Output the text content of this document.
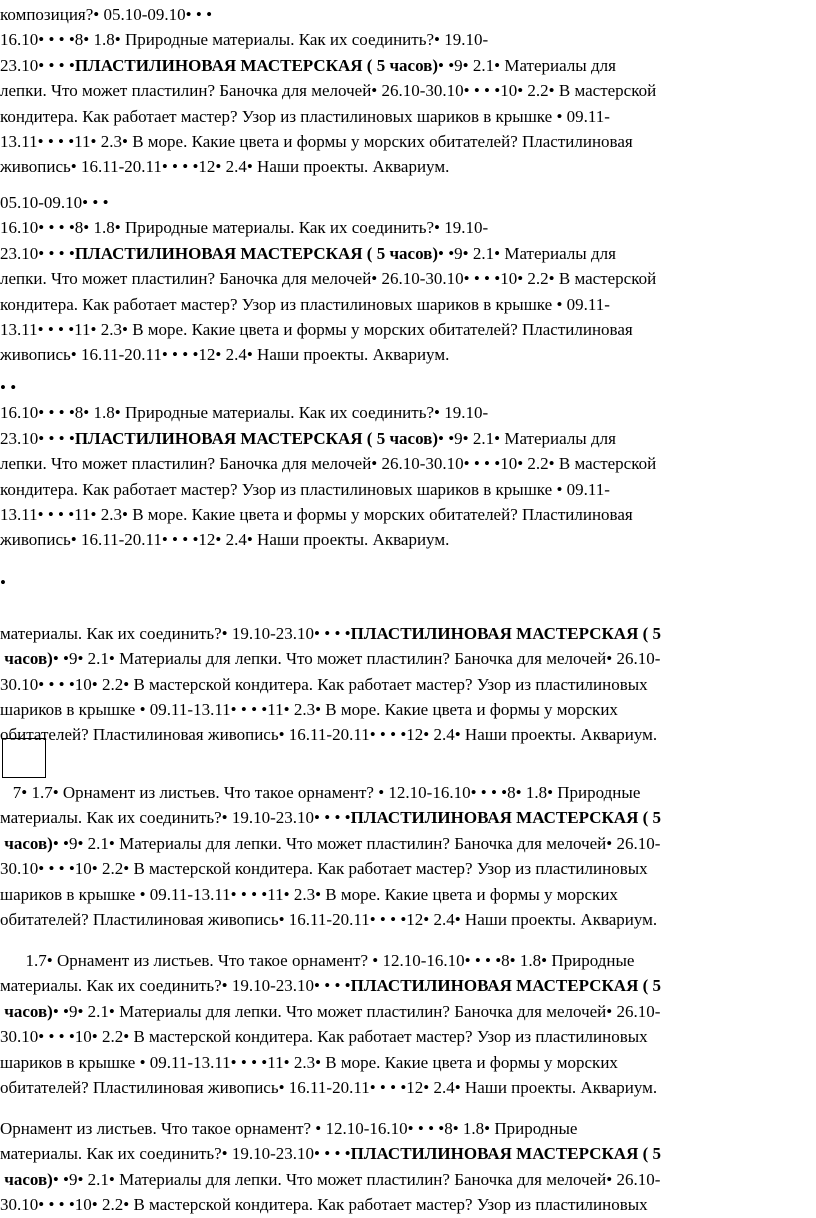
композиция?• 05.10-09.10• • •
16.10• • • •8• 1.8• Природные материалы. Как их соединить?• 19.10-
23.10• • • •ПЛАСТИЛИНОВАЯ МАСТЕРСКАЯ ( 5 часов)• •9• 2.1• Материалы для
лепки. Что может пластилин? Баночка для мелочей• 26.10-30.10• • • •10• 2.2• В мастерской
кондитера. Как работает мастер? Узор из пластилиновых шариков в крышке • 09.11-
13.11• • • •11• 2.3• В море. Какие цвета и формы у морских обитателей? Пластилиновая
живопись• 16.11-20.11• • • •12• 2.4• Наши проекты. Аквариум.
05.10-09.10• • •
16.10• • • •8• 1.8• Природные материалы. Как их соединить?• 19.10-
23.10• • • •ПЛАСТИЛИНОВАЯ МАСТЕРСКАЯ ( 5 часов)• •9• 2.1• Материалы для
лепки. Что может пластилин? Баночка для мелочей• 26.10-30.10• • • •10• 2.2• В мастерской
кондитера. Как работает мастер? Узор из пластилиновых шариков в крышке • 09.11-
13.11• • • •11• 2.3• В море. Какие цвета и формы у морских обитателей? Пластилиновая
живопись• 16.11-20.11• • • •12• 2.4• Наши проекты. Аквариум.
• •
16.10• • • •8• 1.8• Природные материалы. Как их соединить?• 19.10-
23.10• • • •ПЛАСТИЛИНОВАЯ МАСТЕРСКАЯ ( 5 часов)• •9• 2.1• Материалы для
лепки. Что может пластилин? Баночка для мелочей• 26.10-30.10• • • •10• 2.2• В мастерской
кондитера. Как работает мастер? Узор из пластилиновых шариков в крышке • 09.11-
13.11• • • •11• 2.3• В море. Какие цвета и формы у морских обитателей? Пластилиновая
живопись• 16.11-20.11• • • •12• 2.4• Наши проекты. Аквариум.
•
материалы. Как их соединить?• 19.10-23.10• • • •ПЛАСТИЛИНОВАЯ МАСТЕРСКАЯ ( 5
часов)• •9• 2.1• Материалы для лепки. Что может пластилин? Баночка для мелочей• 26.10-
30.10• • • •10• 2.2• В мастерской кондитера. Как работает мастер? Узор из пластилиновых
шариков в крышке • 09.11-13.11• • • •11• 2.3• В море. Какие цвета и формы у морских
обитателей? Пластилиновая живопись• 16.11-20.11• • • •12• 2.4• Наши проекты. Аквариум.
7• 1.7• Орнамент из листьев. Что такое орнамент? • 12.10-16.10• • • •8• 1.8• Природные
материалы. Как их соединить?• 19.10-23.10• • • •ПЛАСТИЛИНОВАЯ МАСТЕРСКАЯ ( 5
часов)• •9• 2.1• Материалы для лепки. Что может пластилин? Баночка для мелочей• 26.10-
30.10• • • •10• 2.2• В мастерской кондитера. Как работает мастер? Узор из пластилиновых
шариков в крышке • 09.11-13.11• • • •11• 2.3• В море. Какие цвета и формы у морских
обитателей? Пластилиновая живопись• 16.11-20.11• • • •12• 2.4• Наши проекты. Аквариум.
1.7• Орнамент из листьев. Что такое орнамент? • 12.10-16.10• • • •8• 1.8• Природные
материалы. Как их соединить?• 19.10-23.10• • • •ПЛАСТИЛИНОВАЯ МАСТЕРСКАЯ ( 5
часов)• •9• 2.1• Материалы для лепки. Что может пластилин? Баночка для мелочей• 26.10-
30.10• • • •10• 2.2• В мастерской кондитера. Как работает мастер? Узор из пластилиновых
шариков в крышке • 09.11-13.11• • • •11• 2.3• В море. Какие цвета и формы у морских
обитателей? Пластилиновая живопись• 16.11-20.11• • • •12• 2.4• Наши проекты. Аквариум.
Орнамент из листьев. Что такое орнамент? • 12.10-16.10• • • •8• 1.8• Природные
материалы. Как их соединить?• 19.10-23.10• • • •ПЛАСТИЛИНОВАЯ МАСТЕРСКАЯ ( 5
часов)• •9• 2.1• Материалы для лепки. Что может пластилин? Баночка для мелочей• 26.10-
30.10• • • •10• 2.2• В мастерской кондитера. Как работает мастер? Узор из пластилиновых
